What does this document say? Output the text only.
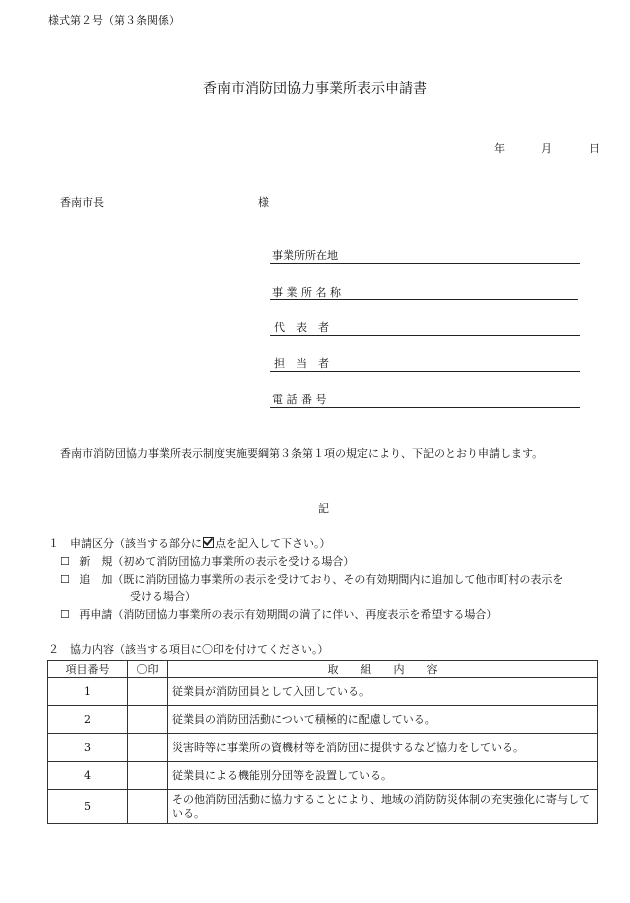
様式第２号（第３条関係）
香南市消防団協力事業所表示申請書
年	月	日
香南市長	様
事業所所在地
事 業 所 名 称
代　表　者
担　当　者
電 話 番 号
香南市消防団協力事業所表示制度実施要綱第３条第１項の規定により、下記のとおり申請します。
記
１　申請区分（該当する部分に 点を記入して下さい。）
☐ 新　規（初めて消防団協力事業所の表示を受ける場合）
☐ 追　加（既に消防団協力事業所の表示を受けており、その有効期間内に追加して他市町村の表示を
受ける場合）
☐ 再申請（消防団協力事業所の表示有効期間の満了に伴い、再度表示を希望する場合）
２　協力内容（該当する項目に〇印を付けてください。）
項目番号	〇印	取　　組　　内　　容
1		従業員が消防団員として入団している。
2		従業員の消防団活動について積極的に配慮している。
3		災害時等に事業所の資機材等を消防団に提供するなど協力をしている。
4		従業員による機能別分団等を設置している。
5		その他消防団活動に協力することにより、地域の消防防災体制の充実強化に寄与している。
